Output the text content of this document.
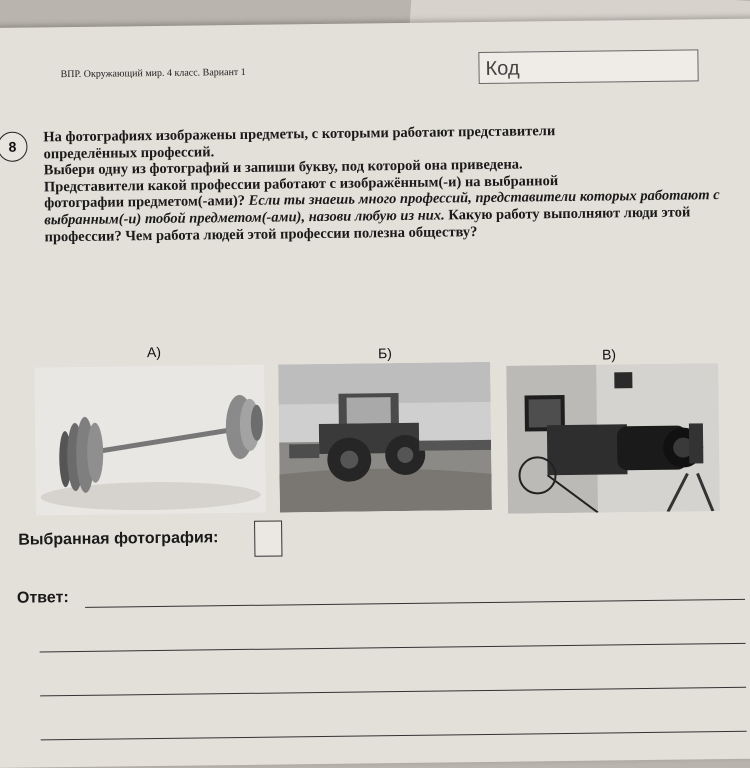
ВПР. Окружающий мир. 4 класс. Вариант 1	Код
8

На фотографиях изображены предметы, с которыми работают представители

определённых профессий.

Выбери одну из фотографий и запиши букву, под которой она приведена.

Представители какой профессии работают с изображённым(-и) на выбранной

фотографии предметом(-ами)? Если ты знаешь много профессий, представители которых работают с выбранным(-и) тобой предметом(-ами), назови любую из них. Какую работу выполняют люди этой профессии? Чем работа людей этой профессии полезна обществу?

А)	Б)	В)
Выбранная фотография:
Ответ:
